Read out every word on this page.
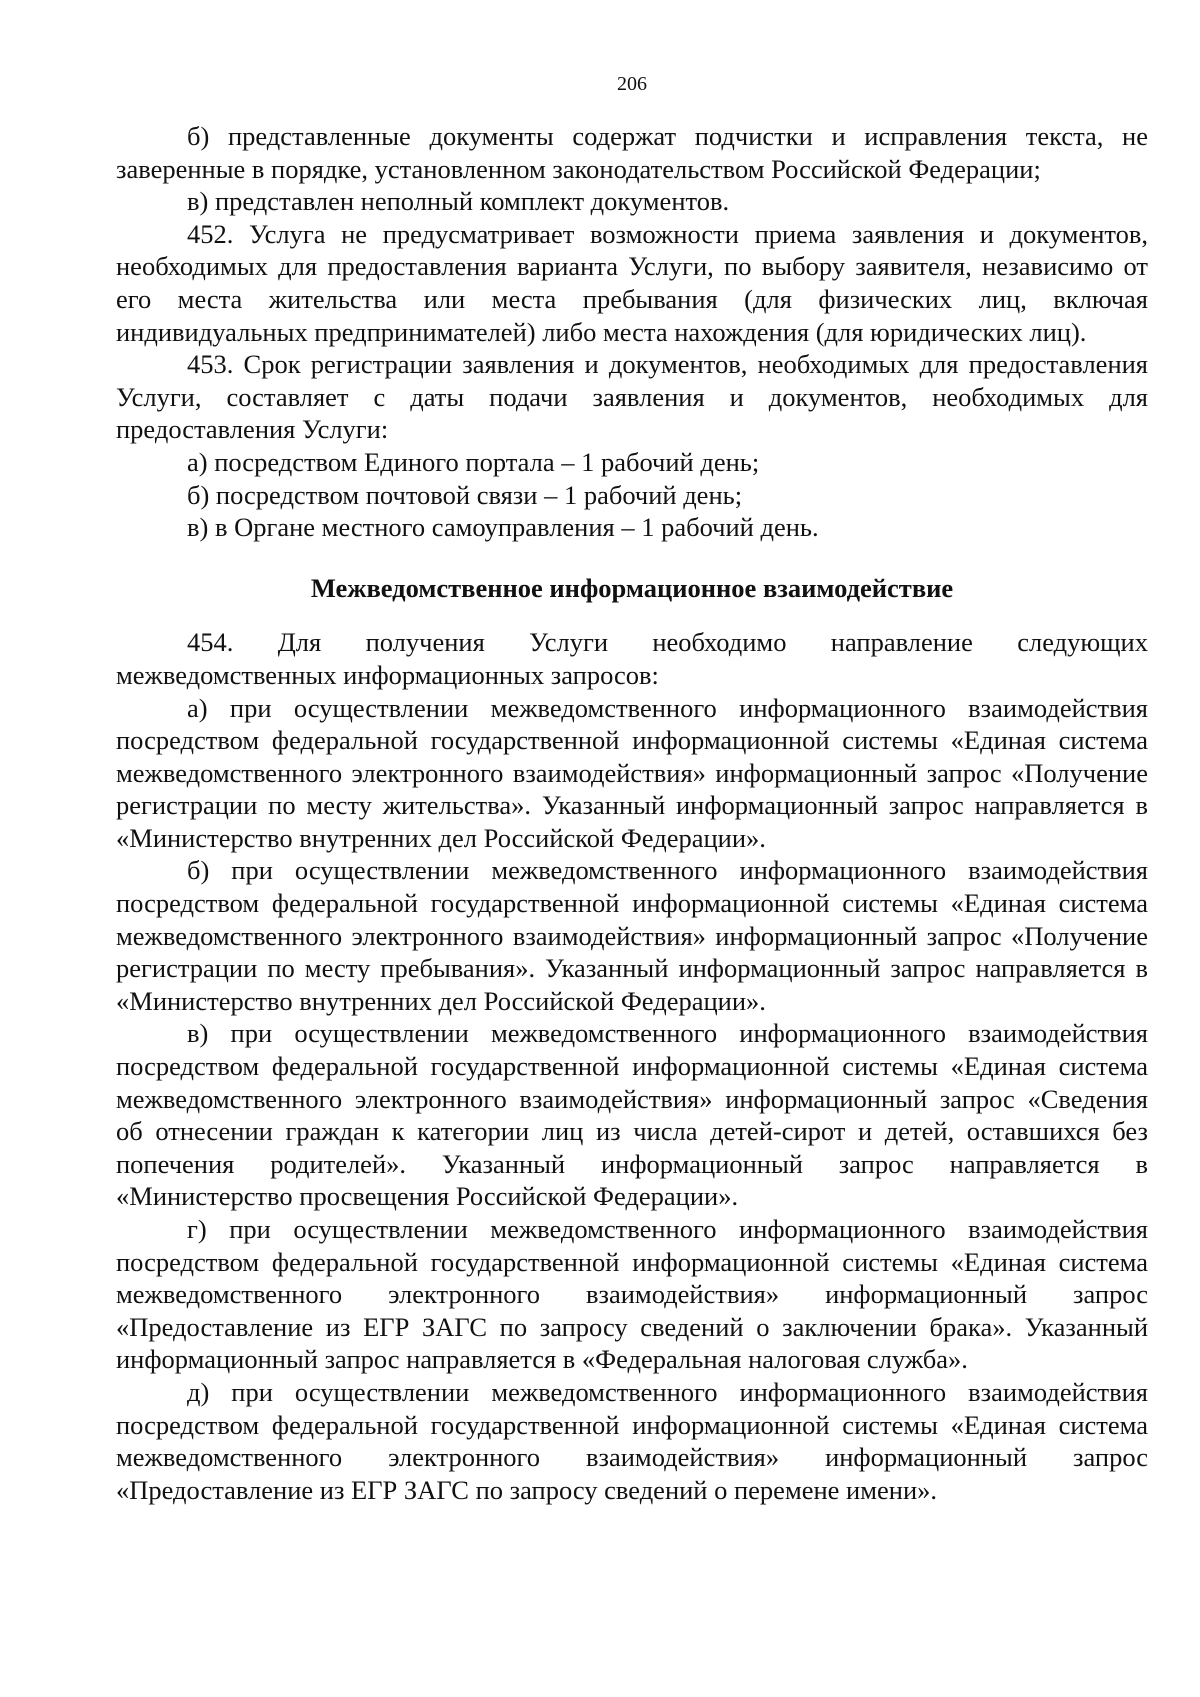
206

б) представленные документы содержат подчистки и исправления текста, не заверенные в порядке, установленном законодательством Российской Федерации;

в) представлен неполный комплект документов.

452. Услуга не предусматривает возможности приема заявления и документов, необходимых для предоставления варианта Услуги, по выбору заявителя, независимо от его места жительства или места пребывания (для физических лиц, включая индивидуальных предпринимателей) либо места нахождения (для юридических лиц).

453. Срок регистрации заявления и документов, необходимых для предоставления Услуги, составляет с даты подачи заявления и документов, необходимых для предоставления Услуги:

а) посредством Единого портала – 1 рабочий день;

б) посредством почтовой связи – 1 рабочий день;

в) в Органе местного самоуправления – 1 рабочий день.

Межведомственное информационное взаимодействие

454. Для получения Услуги необходимо направление следующих межведомственных информационных запросов:

а) при осуществлении межведомственного информационного взаимодействия посредством федеральной государственной информационной системы «Единая система межведомственного электронного взаимодействия» информационный запрос «Получение регистрации по месту жительства». Указанный информационный запрос направляется в «Министерство внутренних дел Российской Федерации».

б) при осуществлении межведомственного информационного взаимодействия посредством федеральной государственной информационной системы «Единая система межведомственного электронного взаимодействия» информационный запрос «Получение регистрации по месту пребывания». Указанный информационный запрос направляется в «Министерство внутренних дел Российской Федерации».

в) при осуществлении межведомственного информационного взаимодействия посредством федеральной государственной информационной системы «Единая система межведомственного электронного взаимодействия» информационный запрос «Сведения об отнесении граждан к категории лиц из числа детей-сирот и детей, оставшихся без попечения родителей». Указанный информационный запрос направляется в «Министерство просвещения Российской Федерации».

г) при осуществлении межведомственного информационного взаимодействия посредством федеральной государственной информационной системы «Единая система межведомственного электронного взаимодействия» информационный запрос «Предоставление из ЕГР ЗАГС по запросу сведений о заключении брака». Указанный информационный запрос направляется в «Федеральная налоговая служба».

д) при осуществлении межведомственного информационного взаимодействия посредством федеральной государственной информационной системы «Единая система межведомственного электронного взаимодействия» информационный запрос «Предоставление из ЕГР ЗАГС по запросу сведений о перемене имени».
